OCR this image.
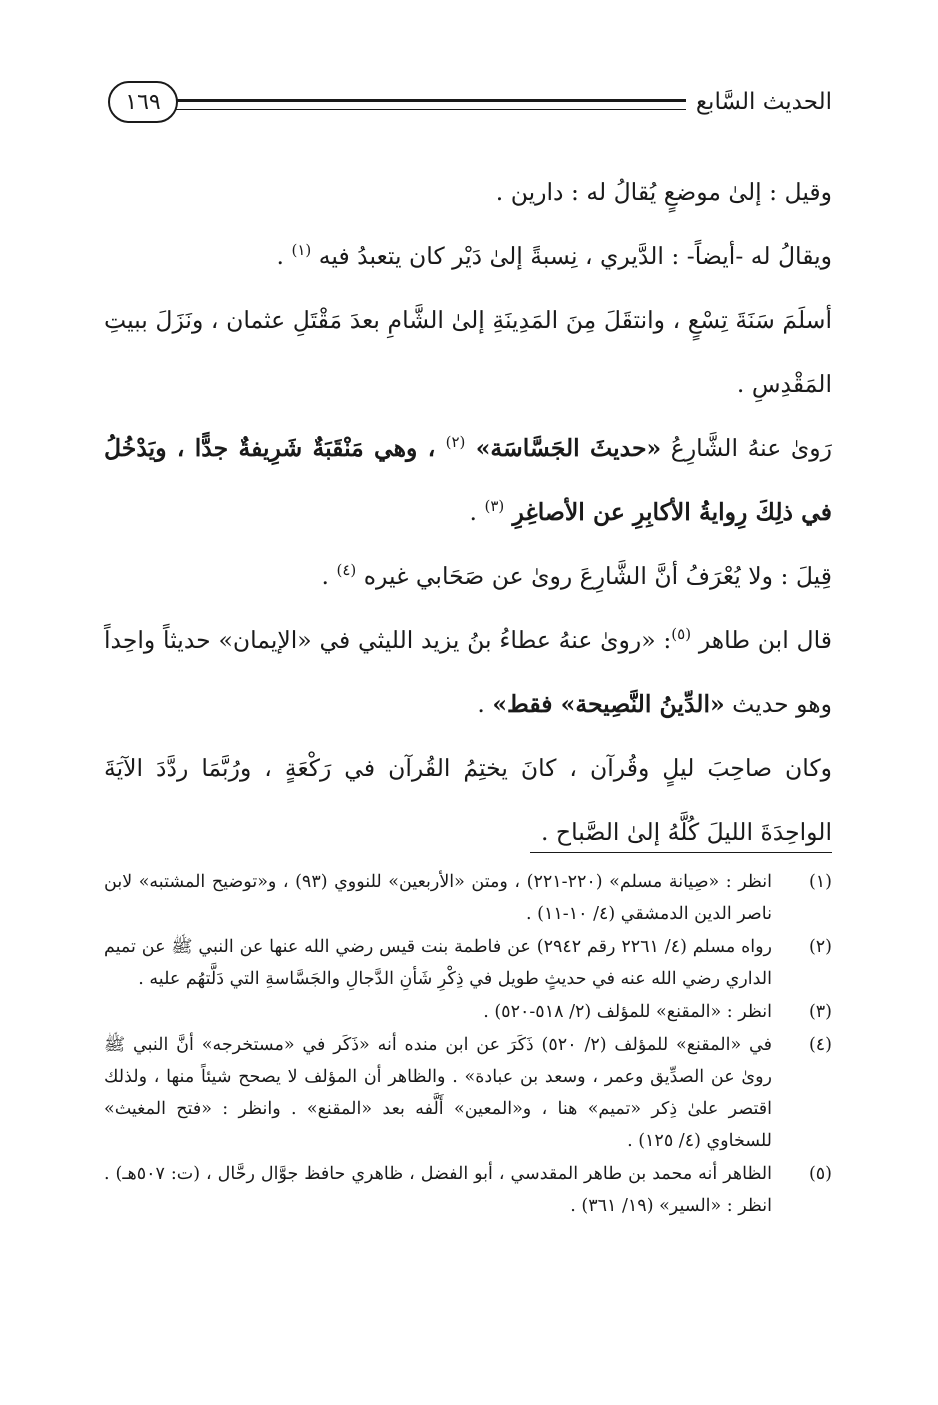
الحديث السَّابع
١٦٩

وقيل : إلىٰ موضعٍ يُقالُ له : دارين .

ويقالُ له -أيضاً- : الدَّيري ، نِسبةً إلىٰ دَيْر كان يتعبدُ فيه $^{(١)}$ .

أسلَمَ سَنَةَ تِسْعٍ ، وانتقَلَ مِنَ المَدِينَةِ إلىٰ الشَّامِ بعدَ مَقْتَلِ عثمان ، ونَزَلَ ببيتِ المَقْدِسِ .

رَوىٰ عنهُ الشَّارِعُ «حديثَ الجَسَّاسَة» $^{(٢)}$ ، وهي مَنْقَبَةٌ شَرِيفةٌ جدًّا ، ويَدْخُلُ في ذلِكَ رِوايةُ الأكابِرِ عن الأصاغِرِ $^{(٣)}$ .

قِيلَ : ولا يُعْرَفُ أنَّ الشَّارِعَ روىٰ عن صَحَابي غيره $^{(٤)}$ .

قال ابن طاهر $^{(٥)}$: «روىٰ عنهُ عطاءُ بنُ يزيد الليثي في «الإيمان» حديثاً واحِداً وهو حديث «الدِّينُ النَّصِيحة» فقط» .

وكان صاحِبَ ليلٍ وقُرآن ، كانَ يختِمُ القُرآن في رَكْعَةٍ ، ورُبَّمَا ردَّدَ الآيَةَ الواحِدَةَ الليلَ كُلَّهُ إلىٰ الصَّباح .

(١)
انظر : «صِيانة مسلم» (٢٢٠-٢٢١) ، ومتن «الأربعين» للنووي (٩٣) ، و«توضيح المشتبه» لابن ناصر الدين الدمشقي (٤/ ١٠-١١) .
(٢)
رواه مسلم (٤/ ٢٢٦١ رقم ٢٩٤٢) عن فاطمة بنت قيس رضي الله عنها عن النبي ﷺ عن تميم الداري رضي الله عنه في حديثٍ طويل في ذِكْرِ شَأنِ الدَّجالِ والجَسَّاسةِ التي دَلَّتهُم عليه .
(٣)
انظر : «المقنع» للمؤلف (٢/ ٥١٨-٥٢٠) .
(٤)
في «المقنع» للمؤلف (٢/ ٥٢٠) ذَكَرَ عن ابن منده أنه «ذَكَر في «مستخرجه» أنَّ النبي ﷺ روىٰ عن الصدِّيق وعمر ، وسعد بن عبادة» . والظاهر أن المؤلف لا يصحح شيئاً منها ، ولذلك اقتصر علىٰ ذِكر «تميم» هنا ، و«المعين» أَلَّفه بعد «المقنع» . وانظر : «فتح المغيث» للسخاوي (٤/ ١٢٥) .
(٥)
الظاهر أنه محمد بن طاهر المقدسي ، أبو الفضل ، ظاهري حافظ جوَّال رحَّال ، (ت: ٥٠٧هـ) . انظر : «السير» (١٩/ ٣٦١) .
